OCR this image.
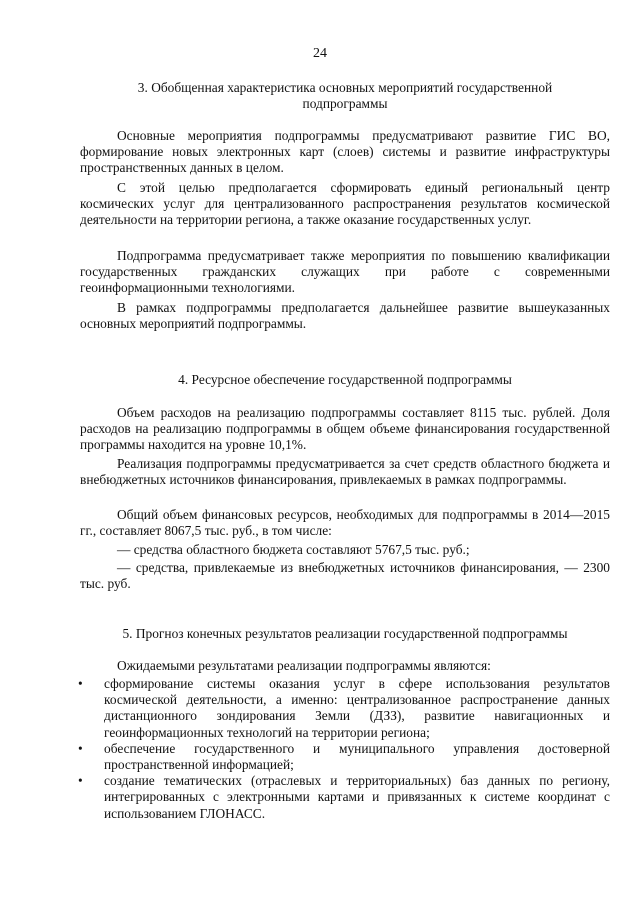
24
3. Обобщенная характеристика основных мероприятий государственной
подпрограммы

Основные мероприятия подпрограммы предусматривают развитие ГИС ВО, формирование новых электронных карт (слоев) системы и развитие инфраструктуры пространственных данных в целом.

С этой целью предполагается сформировать единый региональный центр космических услуг для централизованного распространения результатов космической деятельности на территории региона, а также оказание государственных услуг.

Подпрограмма предусматривает также мероприятия по повышению квалификации государственных гражданских служащих при работе с современными геоинформационными технологиями.

В рамках подпрограммы предполагается дальнейшее развитие вышеуказанных основных мероприятий подпрограммы.

4. Ресурсное обеспечение государственной подпрограммы

Объем расходов на реализацию подпрограммы составляет 8115 тыс. рублей. Доля расходов на реализацию подпрограммы в общем объеме финансирования государственной программы находится на уровне 10,1%.

Реализация подпрограммы предусматривается за счет средств областного бюджета и внебюджетных источников финансирования, привлекаемых в рамках подпрограммы.

Общий объем финансовых ресурсов, необходимых для подпрограммы в 2014—2015 гг., составляет 8067,5 тыс. руб., в том числе:

— средства областного бюджета составляют 5767,5 тыс. руб.;

— средства, привлекаемые из внебюджетных источников финансирования, — 2300 тыс. руб.

5. Прогноз конечных результатов реализации государственной подпрограммы

Ожидаемыми результатами реализации подпрограммы являются:

• сформирование системы оказания услуг в сфере использования результатов космической деятельности, а именно: централизованное распространение данных дистанционного зондирования Земли (ДЗЗ), развитие навигационных и геоинформационных технологий на территории региона;
• обеспечение государственного и муниципального управления достоверной пространственной информацией;
• создание тематических (отраслевых и территориальных) баз данных по региону, интегрированных с электронными картами и привязанных к системе координат с использованием ГЛОНАСС.
